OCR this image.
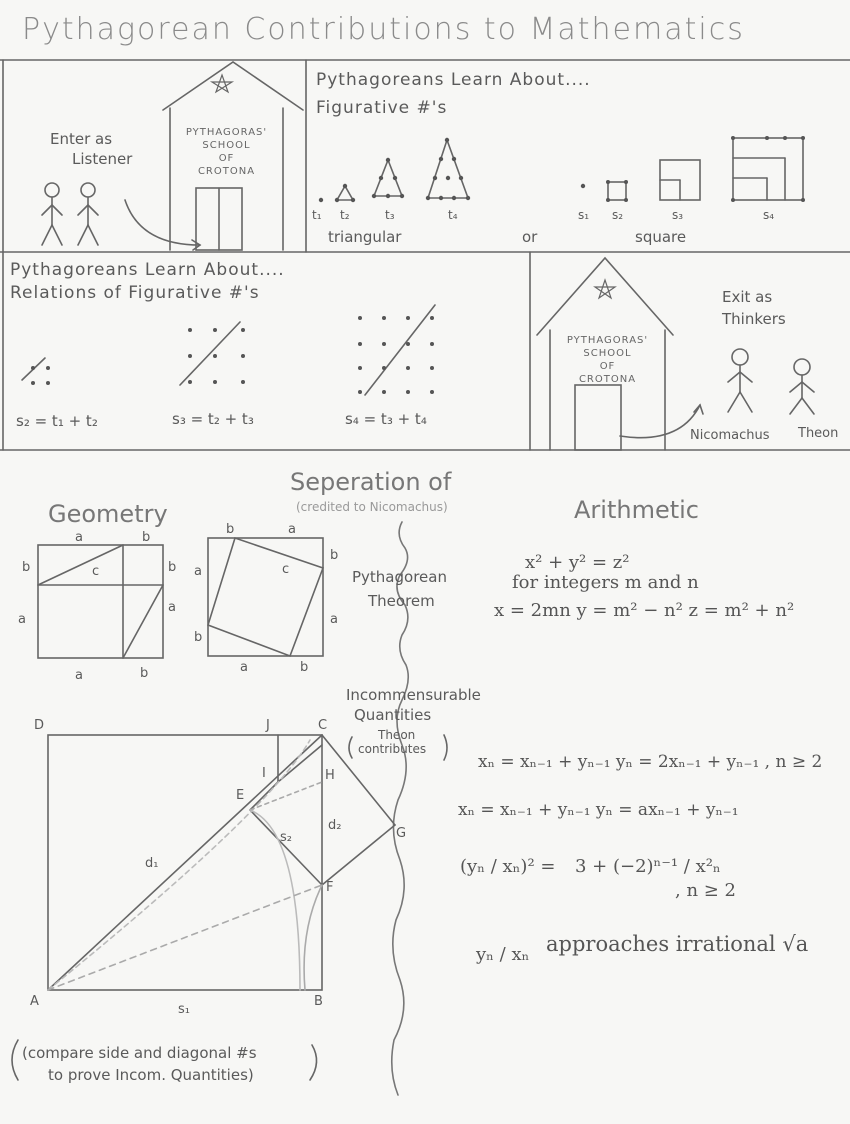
Pythagorean Contributions to Mathematics
Enter as
Listener
PYTHAGORAS'
SCHOOL
OF
CROTONA
Pythagoreans Learn About....
Figurative #'s
t₁ t₂	t₃	t₄	s₁ s₂	s₃	s₄
triangular	or	square
Pythagoreans Learn About....
Relations of Figurative #'s
s₂ = t₁ + t₂	s₃ = t₂ + t₃	s₄ = t₃ + t₄
PYTHAGORAS'
SCHOOL
OF
CROTONA
Exit as
Thinkers
Nicomachus Theon
Seperation of
(credited to Nicomachus)
Geometry	Arithmetic
Pythagorean
Theorem
Incommensurable
Quantities
Theon
contributes
a	b
b
a
c	b
a
a	b
b	a
a
b
c
b
a
a	b
D	J	C
I	H
E
G
F
A	B
d₁
d₂
s₁
s₂
x² + y² = z²
for integers m and n
x = 2mn y = m² − n² z = m² + n²
xₙ = xₙ₋₁ + yₙ₋₁ yₙ = 2xₙ₋₁ + yₙ₋₁ , n ≥ 2
xₙ = xₙ₋₁ + yₙ₋₁ yₙ = axₙ₋₁ + yₙ₋₁
(yₙ / xₙ)² = 3 + (−2)ⁿ⁻¹ / x²ₙ
, n ≥ 2
yₙ / xₙ approaches irrational √a
(compare side and diagonal #s
to prove Incom. Quantities)
